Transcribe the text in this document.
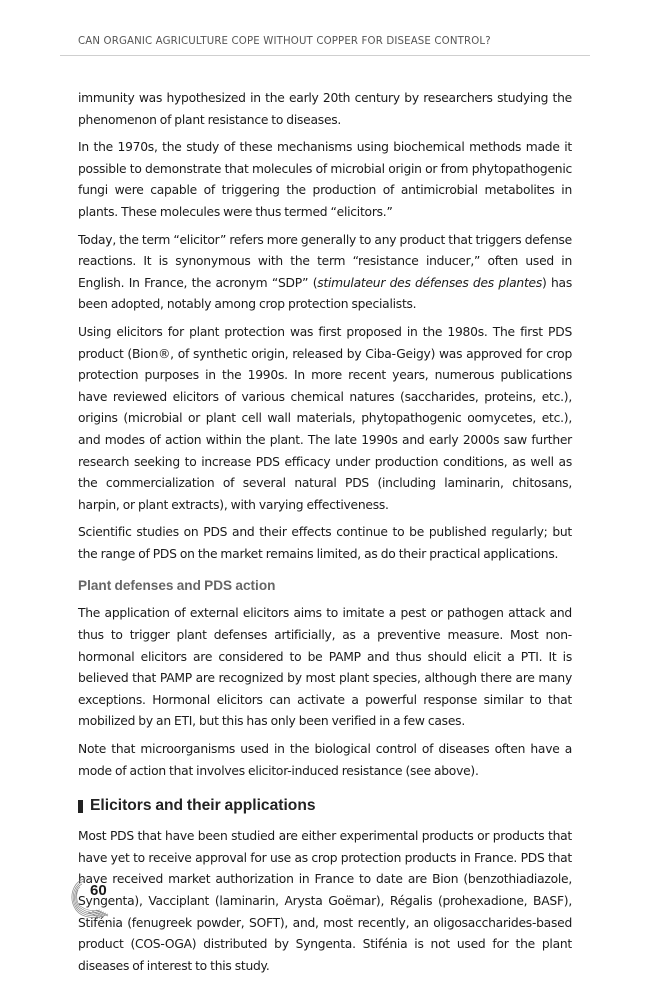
CAN ORGANIC AGRICULTURE COPE WITHOUT COPPER FOR DISEASE CONTROL?

immunity was hypothesized in the early 20th century by researchers studying the phenomenon of plant resistance to diseases.

In the 1970s, the study of these mechanisms using biochemical methods made it possible to demonstrate that molecules of microbial origin or from phytopathogenic fungi were capable of triggering the production of antimicrobial metabolites in plants. These molecules were thus termed “elicitors.”

Today, the term “elicitor” refers more generally to any product that triggers defense reactions. It is synonymous with the term “resistance inducer,” often used in English. In France, the acronym “SDP” (stimulateur des défenses des plantes) has been adopted, notably among crop protection specialists.

Using elicitors for plant protection was first proposed in the 1980s. The first PDS product (Bion®, of synthetic origin, released by Ciba-Geigy) was approved for crop protection purposes in the 1990s. In more recent years, numerous publications have reviewed elicitors of various chemical natures (saccharides, proteins, etc.), origins (microbial or plant cell wall materials, phytopathogenic oomycetes, etc.), and modes of action within the plant. The late 1990s and early 2000s saw further research seeking to increase PDS efficacy under production conditions, as well as the commercialization of several natural PDS (including laminarin, chitosans, harpin, or plant extracts), with varying effectiveness.

Scientific studies on PDS and their effects continue to be published regularly; but the range of PDS on the market remains limited, as do their practical applications.

Plant defenses and PDS action

The application of external elicitors aims to imitate a pest or pathogen attack and thus to trigger plant defenses artificially, as a preventive measure. Most non-hormonal elicitors are considered to be PAMP and thus should elicit a PTI. It is believed that PAMP are recognized by most plant species, although there are many exceptions. Hormonal elicitors can activate a powerful response similar to that mobilized by an ETI, but this has only been verified in a few cases.

Note that microorganisms used in the biological control of diseases often have a mode of action that involves elicitor-induced resistance (see above).

Elicitors and their applications

Most PDS that have been studied are either experimental products or products that have yet to receive approval for use as crop protection products in France. PDS that have received market authorization in France to date are Bion (benzothiadiazole, Syngenta), Vacciplant (laminarin, Arysta Goëmar), Régalis (prohexadione, BASF), Stifénia (fenugreek powder, SOFT), and, most recently, an oligosaccharides-based product (COS-OGA) distributed by Syngenta. Stifénia is not used for the plant diseases of interest to this study.

60
